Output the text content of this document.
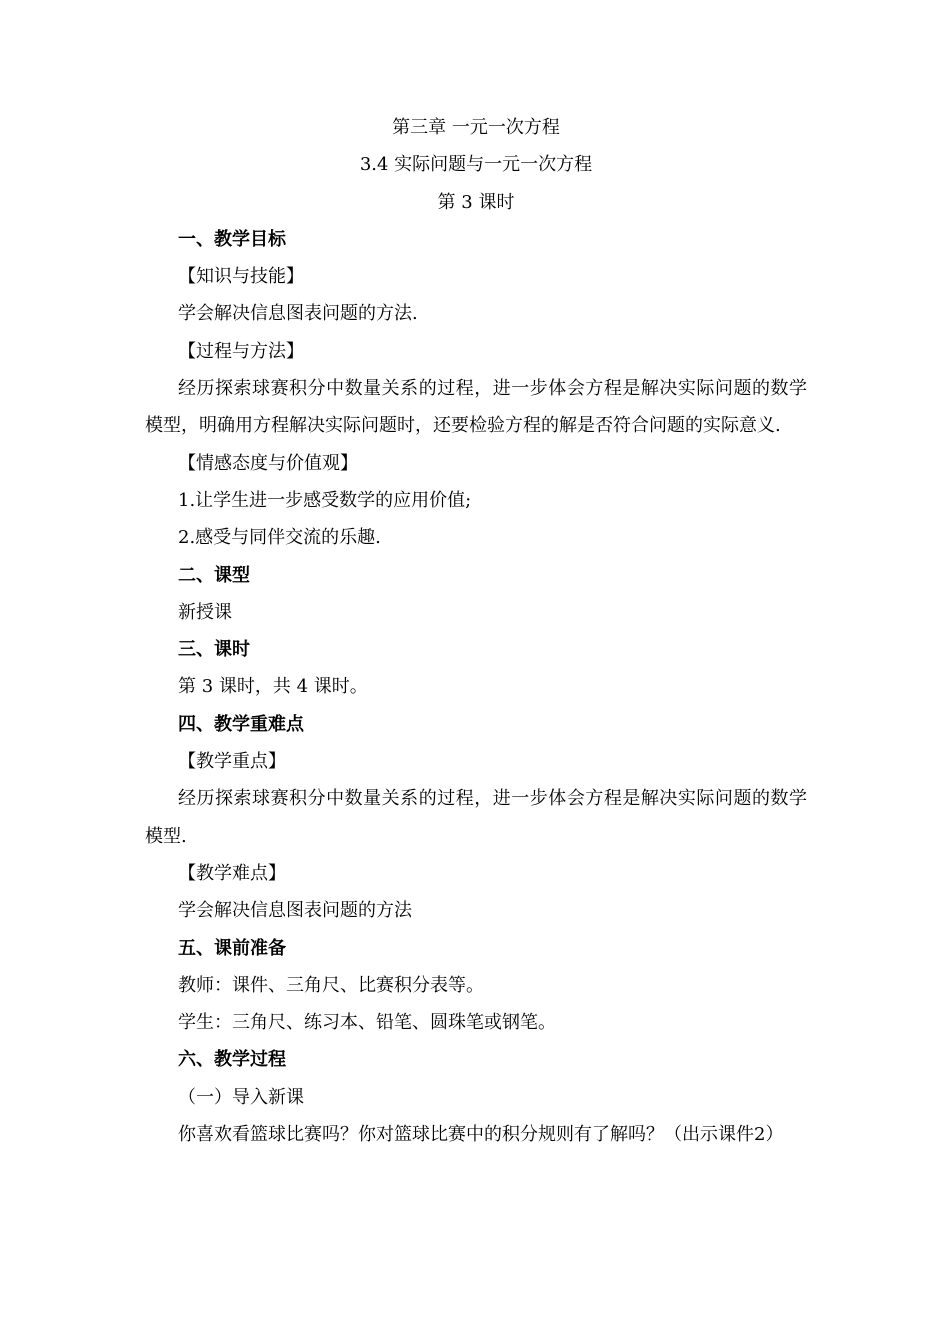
第三章 一元一次方程
3.4 实际问题与一元一次方程
第 3 课时
一、教学目标
【知识与技能】
学会解决信息图表问题的方法.
【过程与方法】
经历探索球赛积分中数量关系的过程，进一步体会方程是解决实际问题的数学模型，明确用方程解决实际问题时，还要检验方程的解是否符合问题的实际意义.
【情感态度与价值观】
1.让学生进一步感受数学的应用价值;
2.感受与同伴交流的乐趣.
二、课型
新授课
三、课时
第 3 课时，共 4 课时。
四、教学重难点
【教学重点】
经历探索球赛积分中数量关系的过程，进一步体会方程是解决实际问题的数学模型.
【教学难点】
学会解决信息图表问题的方法
五、课前准备
教师：课件、三角尺、比赛积分表等。
学生：三角尺、练习本、铅笔、圆珠笔或钢笔。
六、教学过程
（一）导入新课
你喜欢看篮球比赛吗？你对篮球比赛中的积分规则有了解吗？（出示课件2）
